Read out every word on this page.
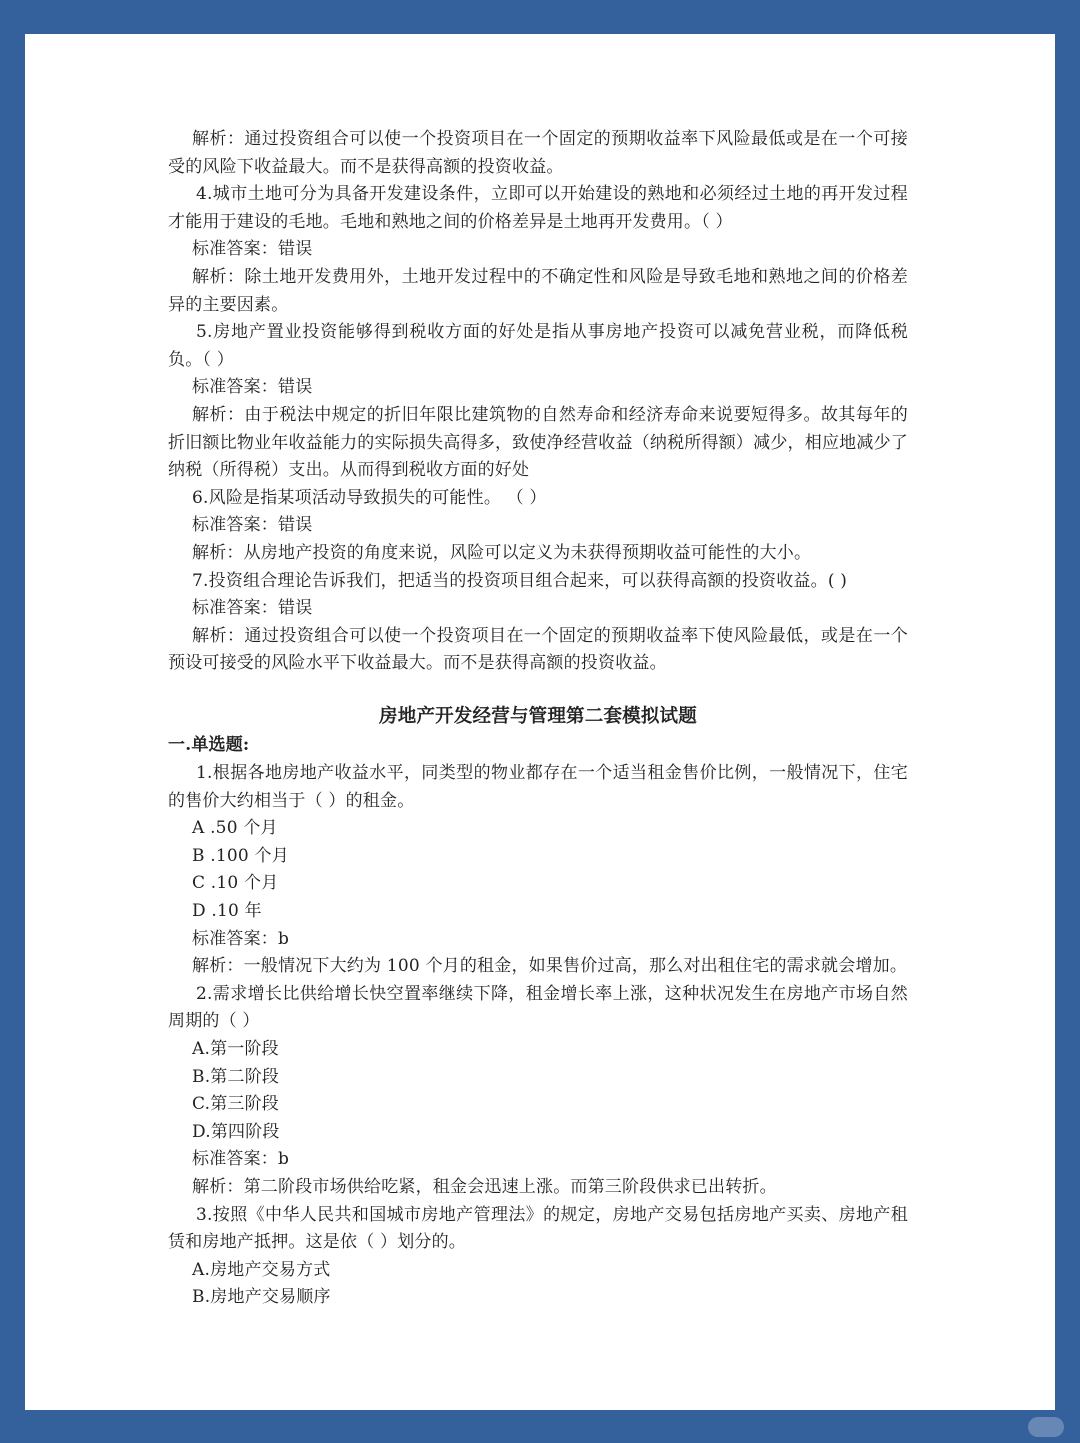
解析：通过投资组合可以使一个投资项目在一个固定的预期收益率下风险最低或是在一个可接受的风险下收益最大。而不是获得高额的投资收益。

4.城市土地可分为具备开发建设条件，立即可以开始建设的熟地和必须经过土地的再开发过程才能用于建设的毛地。毛地和熟地之间的价格差异是土地再开发费用。（ ）

标准答案：错误

解析：除土地开发费用外，土地开发过程中的不确定性和风险是导致毛地和熟地之间的价格差异的主要因素。

5.房地产置业投资能够得到税收方面的好处是指从事房地产投资可以减免营业税，而降低税负。（ ）

标准答案：错误

解析：由于税法中规定的折旧年限比建筑物的自然寿命和经济寿命来说要短得多。故其每年的折旧额比物业年收益能力的实际损失高得多，致使净经营收益（纳税所得额）减少，相应地减少了纳税（所得税）支出。从而得到税收方面的好处

6.风险是指某项活动导致损失的可能性。 （ ）

标准答案：错误

解析：从房地产投资的角度来说，风险可以定义为未获得预期收益可能性的大小。

7.投资组合理论告诉我们，把适当的投资项目组合起来，可以获得高额的投资收益。( )

标准答案：错误

解析：通过投资组合可以使一个投资项目在一个固定的预期收益率下使风险最低，或是在一个预设可接受的风险水平下收益最大。而不是获得高额的投资收益。

房地产开发经营与管理第二套模拟试题

一.单选题:

1.根据各地房地产收益水平，同类型的物业都存在一个适当租金售价比例，一般情况下，住宅的售价大约相当于（ ）的租金。

A .50 个月

B .100 个月

C .10 个月

D .10 年

标准答案：b

解析：一般情况下大约为 100 个月的租金，如果售价过高，那么对出租住宅的需求就会增加。

2.需求增长比供给增长快空置率继续下降，租金增长率上涨，这种状况发生在房地产市场自然周期的（ ）

A.第一阶段

B.第二阶段

C.第三阶段

D.第四阶段

标准答案：b

解析：第二阶段市场供给吃紧，租金会迅速上涨。而第三阶段供求已出转折。

3.按照《中华人民共和国城市房地产管理法》的规定，房地产交易包括房地产买卖、房地产租赁和房地产抵押。这是依（ ）划分的。

A.房地产交易方式

B.房地产交易顺序
